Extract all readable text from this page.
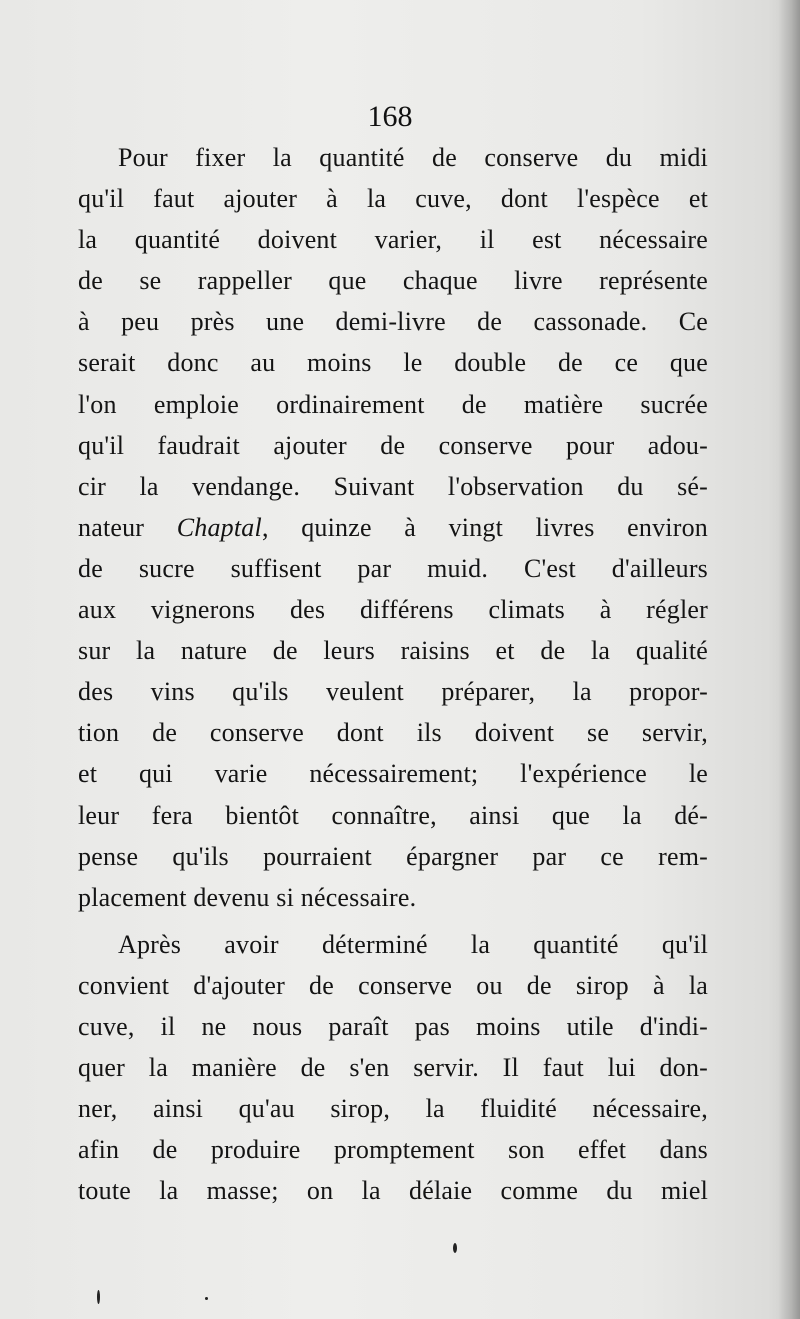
168
Pour fixer la quantité de conserve du midi
qu'il faut ajouter à la cuve, dont l'espèce et
la quantité doivent varier, il est nécessaire
de se rappeller que chaque livre représente
à peu près une demi-livre de cassonade. Ce
serait donc au moins le double de ce que
l'on emploie ordinairement de matière sucrée
qu'il faudrait ajouter de conserve pour adou-
cir la vendange. Suivant l'observation du sé-
nateur Chaptal, quinze à vingt livres environ
de sucre suffisent par muid. C'est d'ailleurs
aux vignerons des différens climats à régler
sur la nature de leurs raisins et de la qualité
des vins qu'ils veulent préparer, la propor-
tion de conserve dont ils doivent se servir,
et qui varie nécessairement; l'expérience le
leur fera bientôt connaître, ainsi que la dé-
pense qu'ils pourraient épargner par ce rem-
placement devenu si nécessaire.
Après avoir déterminé la quantité qu'il
convient d'ajouter de conserve ou de sirop à la
cuve, il ne nous paraît pas moins utile d'indi-
quer la manière de s'en servir. Il faut lui don-
ner, ainsi qu'au sirop, la fluidité nécessaire,
afin de produire promptement son effet dans
toute la masse; on la délaie comme du miel
